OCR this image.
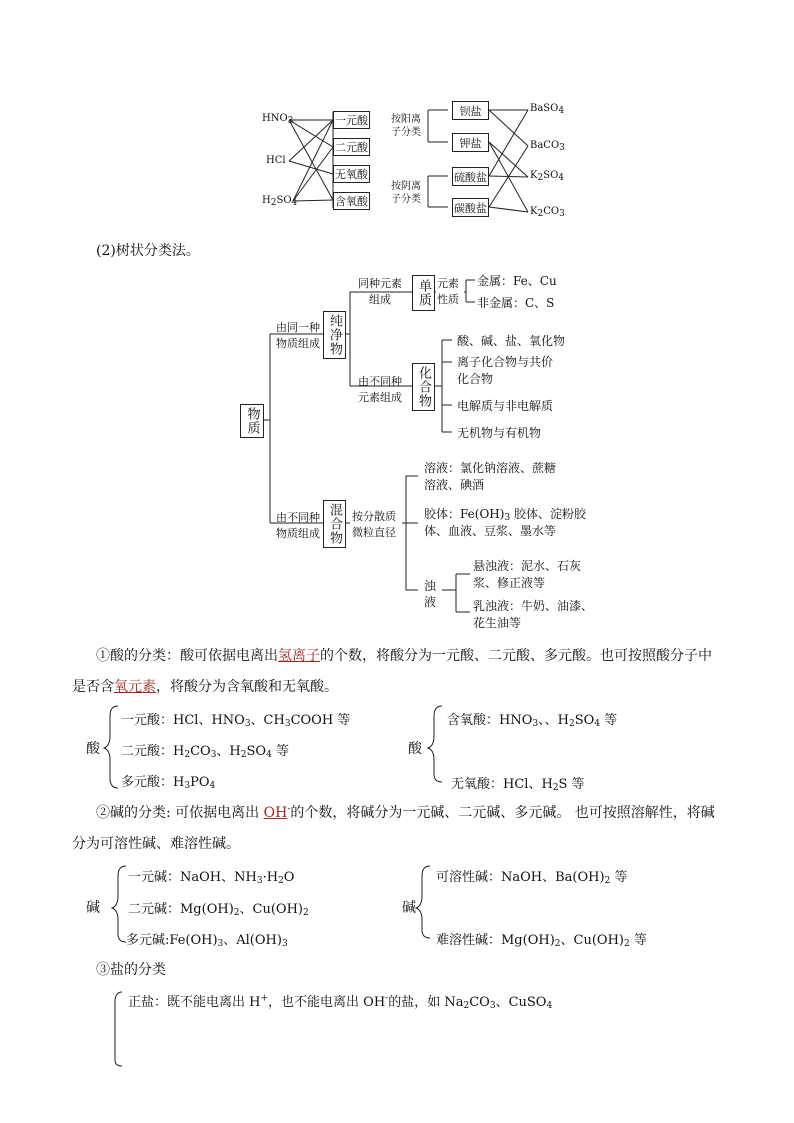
$HNO_3$
HCl
$H_2SO_4$
一元酸
二元酸
无氧酸
含氧酸
按阳离
子分类
按阴离
子分类
钡盐
钾盐
硫酸盐
碳酸盐
BaSO$_4$
BaCO$_3$
$K_2SO_4$
$K_2CO_3$
(2)树状分类法。
物质
由同一种
物质组成 纯净物
由不同种
物质组成 混合物
同种元素
组成	单质 元素
性质
金属：Fe、Cu
非金属：C、S
由不同种
元素组成 化合物
酸、碱、盐、氧化物
离子化合物与共价
化合物
电解质与非电解质
无机物与有机物
按分散质
微粒直径
溶液：氯化钠溶液、蔗糖
溶液、碘酒
胶体：$Fe(OH)_3$ 胶体、淀粉胶
体、血液、豆浆、墨水等
浊液
悬浊液：泥水、石灰
浆、修正液等
乳浊液：牛奶、油漆、
花生油等
①酸的分类：酸可依据电离出氢离子的个数，将酸分为一元酸、二元酸、多元酸。也可按照酸分子中
是否含氧元素，将酸分为含氧酸和无氧酸。
酸
一元酸：HCl、$HNO_3$、$CH_3COOH$ 等
二元酸：$H_2CO_3$、$H_2SO_4$ 等
多元酸：$H_3PO_4$
酸
含氧酸：$HNO_3$、、$H_2SO_4$ 等
无氧酸：HCl、$H_2S$ 等
②碱的分类: 可依据电离出 OH-的个数，将碱分为一元碱、二元碱、多元碱。 也可按照溶解性，将碱
分为可溶性碱、难溶性碱。
碱
一元碱：NaOH、$NH_3\cdot H_2O$
二元碱：$Mg(OH)_2$、$Cu(OH)_2$
多元碱$:Fe(OH)_3$、$Al(OH)_3$
碱
可溶性碱：NaOH、$Ba(OH)_2$ 等
难溶性碱：$Mg(OH)_2$、$Cu(OH)_2$ 等
③盐的分类
正盐：既不能电离出 H+，也不能电离出 OH-的盐，如 $Na_2CO_3$、CuSO$_4$
